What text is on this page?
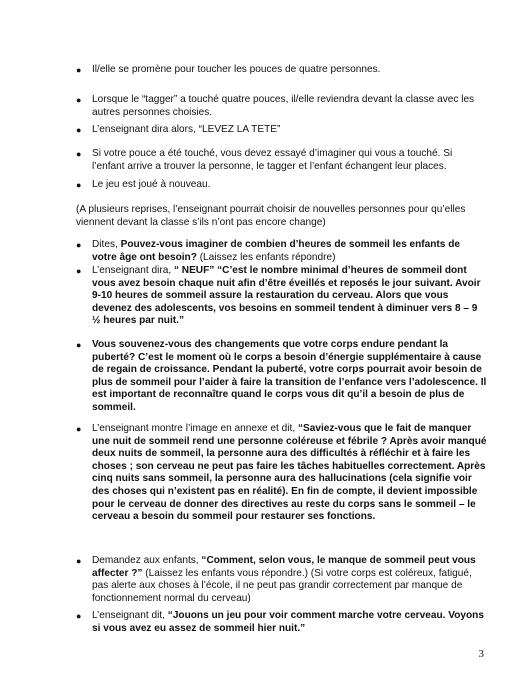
● Il/elle se promène pour toucher les pouces de quatre personnes.
● Lorsque le “tagger” a touché quatre pouces, il/elle reviendra devant la classe avec les autres personnes choisies.
● L’enseignant dira alors, “LEVEZ LA TETE”
● Si votre pouce a été touché, vous devez essayé d’imaginer qui vous a touché. Si l’enfant arrive a trouver la personne, le tagger et l’enfant échangent leur places.
● Le jeu est joué à nouveau.
(A plusieurs reprises, l’enseignant pourrait choisir de nouvelles personnes pour qu’elles viennent devant la classe s’ils n’ont pas encore change)
● Dites, Pouvez-vous imaginer de combien d’heures de sommeil les enfants de votre âge ont besoin? (Laissez les enfants répondre)
● L’enseignant dira, “ NEUF” “C’est le nombre minimal d’heures de sommeil dont vous avez besoin chaque nuit afin d’être éveillés et reposés le jour suivant. Avoir 9-10 heures de sommeil assure la restauration du cerveau. Alors que vous devenez des adolescents, vos besoins en sommeil tendent à diminuer vers 8 – 9 ½ heures par nuit.”
● Vous souvenez-vous des changements que votre corps endure pendant la puberté? C’est le moment où le corps a besoin d’énergie supplémentaire à cause de regain de croissance. Pendant la puberté, votre corps pourrait avoir besoin de plus de sommeil pour l’aider à faire la transition de l’enfance vers l’adolescence. Il est important de reconnaître quand le corps vous dit qu’il a besoin de plus de sommeil.
● L’enseignant montre l’image en annexe et dit, “Saviez-vous que le fait de manquer une nuit de sommeil rend une personne coléreuse et fébrile ? Après avoir manqué deux nuits de sommeil, la personne aura des difficultés à réfléchir et à faire les choses ; son cerveau ne peut pas faire les tâches habituelles correctement. Après cinq nuits sans sommeil, la personne aura des hallucinations (cela signifie voir des choses qui n’existent pas en réalité). En fin de compte, il devient impossible pour le cerveau de donner des directives au reste du corps sans le sommeil – le cerveau a besoin du sommeil pour restaurer ses fonctions.
● Demandez aux enfants, “Comment, selon vous, le manque de sommeil peut vous affecter ?” (Laissez les enfants vous répondre.) (Si votre corps est coléreux, fatigué, pas alerte aux choses à l’école, il ne peut pas grandir correctement par manque de fonctionnement normal du cerveau)
● L’enseignant dit, “Jouons un jeu pour voir comment marche votre cerveau. Voyons si vous avez eu assez de sommeil hier nuit.”
3
